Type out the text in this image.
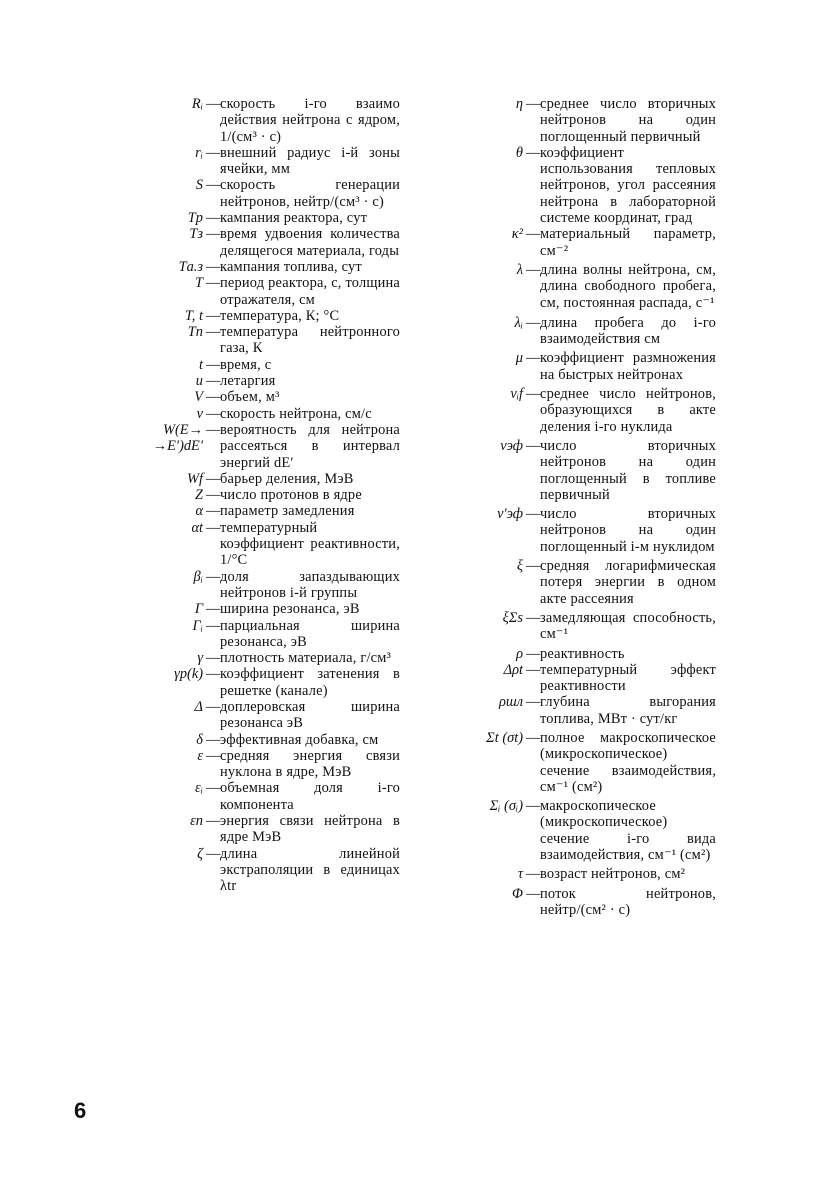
Rᵢ — скорость i-го взаимо действия нейтрона с ядром, 1/(см³ · с)
rᵢ — внешний радиус i-й зоны ячейки, мм
S — скорость генерации нейтронов, нейтр/(см³ · с)
Tр — кампания реактора, сут
Tз — время удвоения количества делящегося материала, годы
Tа.з — кампания топлива, сут
T — период реактора, с, толщина отражателя, см
T, t — температура, К; °С
Tn — температура нейтронного газа, К
t — время, с
u — летаргия
V — объем, м³
v — скорость нейтрона, см/с
W(E→
→E′)dE′
— вероятность для нейтрона рассеяться в интервал энергий dE′
Wf — барьер деления, МэВ
Z — число протонов в ядре
α — параметр замедления
αt — температурный коэффициент реактивности, 1/°С
βᵢ — доля запаздывающих нейтронов i-й группы
Г — ширина резонанса, эВ
Гᵢ — парциальная ширина резонанса, эВ
γ — плотность материала, г/см³
γр(k) — коэффициент затенения в решетке (канале)
Δ — доплеровская ширина резонанса эВ
δ — эффективная добавка, см
ε — средняя энергия связи нуклона в ядре, МэВ
εᵢ — объемная доля i-го компонента
εn — энергия связи нейтрона в ядре МэВ
ζ — длина линейной экстраполяции в единицах λtr
η — среднее число вторичных нейтронов на один поглощенный первичный
θ — коэффициент использования тепловых нейтронов, угол рассеяния нейтрона в лабораторной системе координат, град
κ² — материальный параметр, см⁻²
λ — длина волны нейтрона, см, длина свободного пробега, см, постоянная распада, с⁻¹
λᵢ — длина пробега до i-го взаимодействия см
μ — коэффициент размножения на быстрых нейтронах
νᵢf — среднее число нейтронов, образующихся в акте деления i-го нуклида
νэф — число вторичных нейтронов на один поглощенный в топливе первичный
ν′эф — число вторичных нейтронов на один поглощенный i-м нуклидом
ξ — средняя логарифмическая потеря энергии в одном акте рассеяния
ξΣs — замедляющая способность, см⁻¹
ρ — реактивность
Δρt — температурный эффект реактивности
ρшл — глубина выгорания топлива, МВт · сут/кг
Σt (σt) — полное макроскопическое (микроскопическое) сечение взаимодействия, см⁻¹ (см²)
Σᵢ (σᵢ) — макроскопическое (микроскопическое) сечение i-го вида взаимодействия, см⁻¹ (см²)
τ — возраст нейтронов, см²
Φ — поток нейтронов, нейтр/(см² · с)
6
